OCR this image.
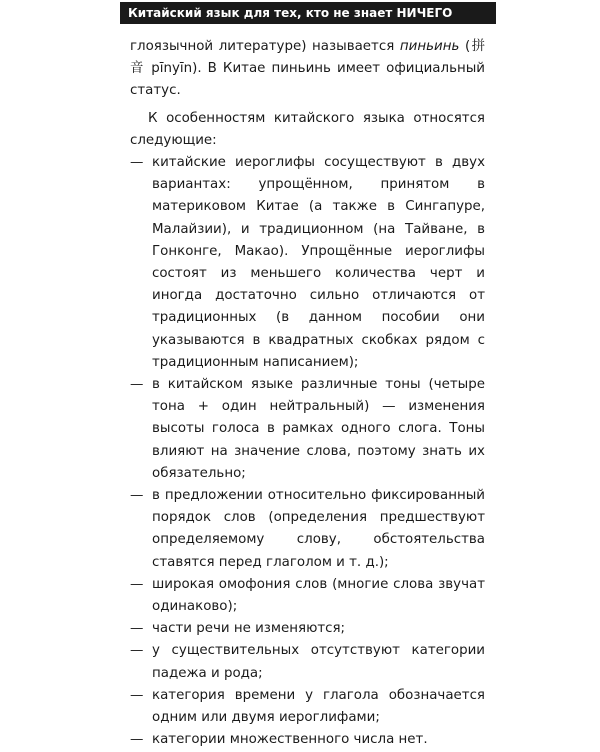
Китайский язык для тех, кто не знает НИЧЕГО	4

глоязычной литературе) называется пиньинь (拼音 pīnyīn). В Китае пиньинь имеет официальный статус.

К особенностям китайского языка относятся следующие:

— китайские иероглифы сосуществуют в двух вариантах: упрощённом, принятом в материковом Китае (а также в Сингапуре, Малайзии), и традиционном (на Тайване, в Гонконге, Макао). Упрощённые иероглифы состоят из меньшего количества черт и иногда достаточно сильно отличаются от традиционных (в данном пособии они указываются в квадратных скобках рядом с традиционным написанием);
— в китайском языке различные тоны (четыре тона + один нейтральный) — изменения высоты голоса в рамках одного слога. Тоны влияют на значение слова, поэтому знать их обязательно;
— в предложении относительно фиксированный порядок слов (определения предшествуют определяемому слову, обстоятельства ставятся перед глаголом и т. д.);
— широкая омофония слов (многие слова звучат одинаково);
— части речи не изменяются;
— у существительных отсутствуют категории падежа и рода;
— категория времени у глагола обозначается одним или двумя иероглифами;
— категории множественного числа нет.
